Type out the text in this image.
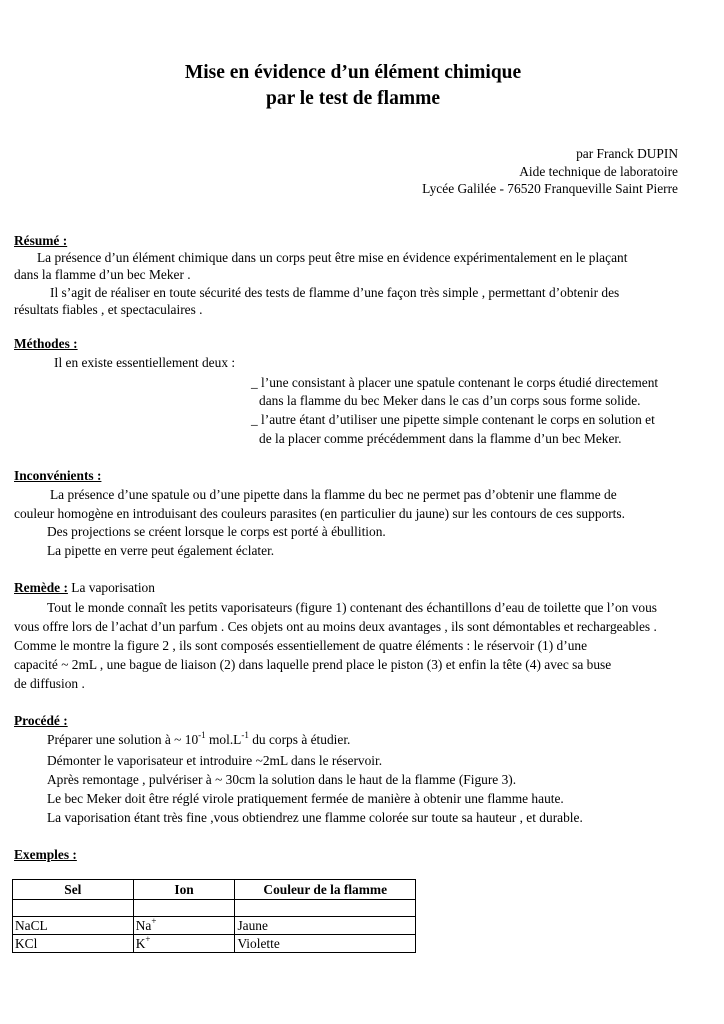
Mise en évidence d’un élément chimique
par le test de flamme
par Franck DUPIN
Aide technique de laboratoire
Lycée Galilée - 76520 Franqueville Saint Pierre
Résumé :
La présence d’un élément chimique dans un corps peut être mise en évidence expérimentalement en le plaçant
dans la flamme d’un bec Meker .
Il s’agit de réaliser en toute sécurité des tests de flamme d’une façon très simple , permettant d’obtenir des
résultats fiables , et spectaculaires .
Méthodes :
Il en existe essentiellement deux :
_ l’une consistant à placer une spatule contenant le corps étudié directement
dans la flamme du bec Meker dans le cas d’un corps sous forme solide.
_ l’autre étant d’utiliser une pipette simple contenant le corps en solution et
de la placer comme précédemment dans la flamme d’un bec Meker.
Inconvénients :
La présence d’une spatule ou d’une pipette dans la flamme du bec ne permet pas d’obtenir une flamme de
couleur homogène en introduisant des couleurs parasites (en particulier du jaune) sur les contours de ces supports.
Des projections se créent lorsque le corps est porté à ébullition.
La pipette en verre peut également éclater.
Remède : La vaporisation
Tout le monde connaît les petits vaporisateurs (figure 1) contenant des échantillons d’eau de toilette que l’on vous
vous offre lors de l’achat d’un parfum . Ces objets ont au moins deux avantages , ils sont démontables et rechargeables .
Comme le montre la figure 2 , ils sont composés essentiellement de quatre éléments : le réservoir (1) d’une
capacité ~ 2mL , une bague de liaison (2) dans laquelle prend place le piston (3) et enfin la tête (4) avec sa buse
de diffusion .
Procédé :
Préparer une solution à ~ $10^{-1}$ $mol.L^{-1}$ du corps à étudier.
Démonter le vaporisateur et introduire ~2mL dans le réservoir.
Après remontage , pulvériser à ~ 30cm la solution dans le haut de la flamme (Figure 3).
Le bec Meker doit être réglé virole pratiquement fermée de manière à obtenir une flamme haute.
La vaporisation étant très fine ,vous obtiendrez une flamme colorée sur toute sa hauteur , et durable.
Exemples :
Sel	Ion	Couleur de la flamme

NaCL	Na+	Jaune
KCl	K+	Violette
